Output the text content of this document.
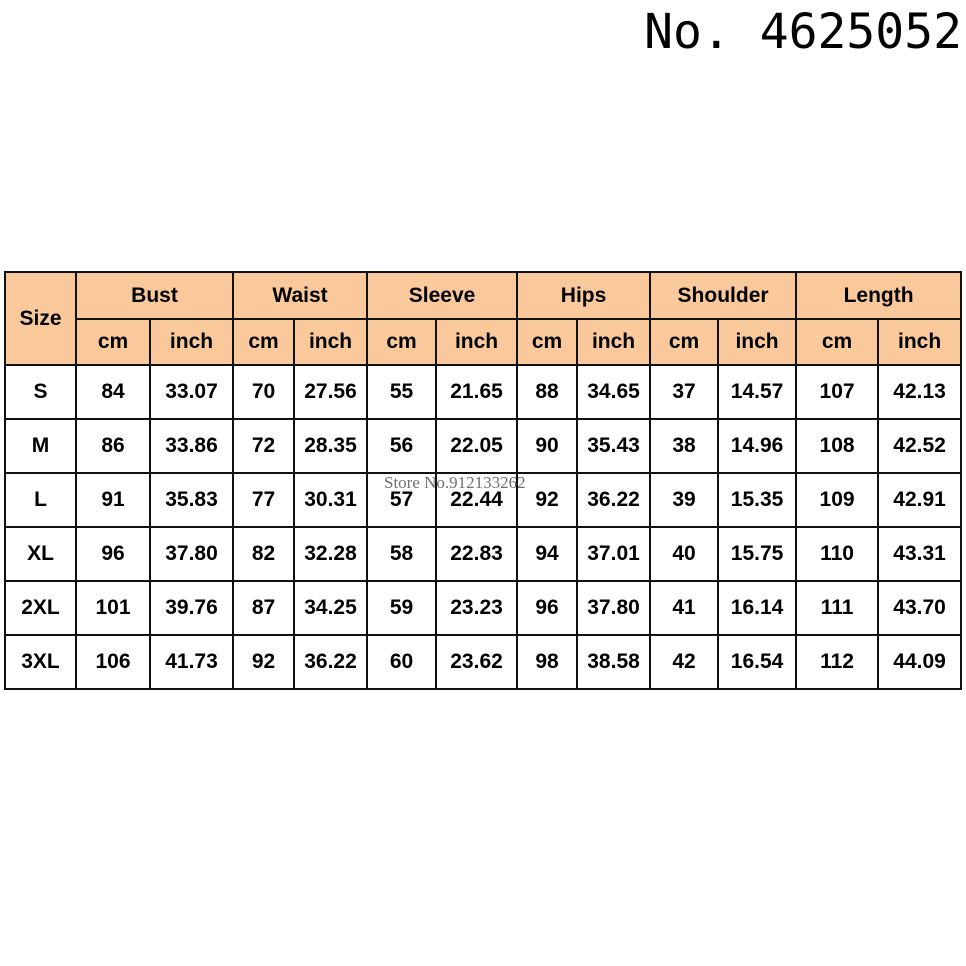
No. 4625052
Size	Bust		Waist		Sleeve		Hips		Shoulder		Length	
	cm	inch	cm	inch	cm	inch	cm	inch	cm	inch	cm	inch
S	84	33.07	70	27.56	55	21.65	88	34.65	37	14.57	107	42.13
M	86	33.86	72	28.35	56	22.05	90	35.43	38	14.96	108	42.52
L	91	35.83	77	30.31	57	22.44	92	36.22	39	15.35	109	42.91
XL	96	37.80	82	32.28	58	22.83	94	37.01	40	15.75	110	43.31
2XL	101	39.76	87	34.25	59	23.23	96	37.80	41	16.14	111	43.70
3XL	106	41.73	92	36.22	60	23.62	98	38.58	42	16.54	112	44.09
Store No.912133262
